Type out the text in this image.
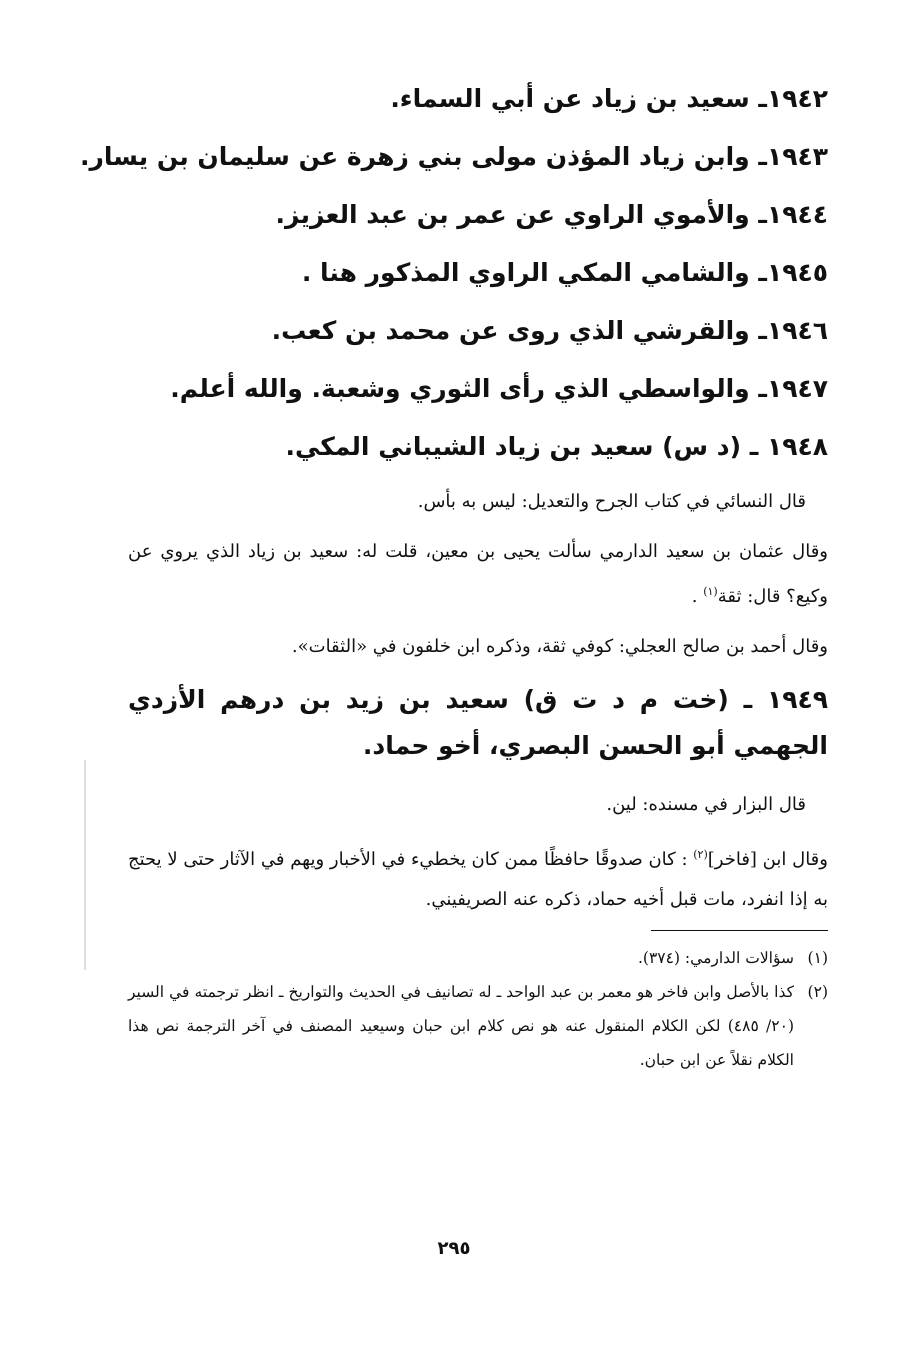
١٩٤٢ـ سعيد بن زياد عن أبي السماء.
١٩٤٣ـ وابن زياد المؤذن مولى بني زهرة عن سليمان بن يسار.
١٩٤٤ـ والأموي الراوي عن عمر بن عبد العزيز.
١٩٤٥ـ والشامي المكي الراوي المذكور هنا .
١٩٤٦ـ والقرشي الذي روى عن محمد بن كعب.
١٩٤٧ـ والواسطي الذي رأى الثوري وشعبة. والله أعلم.
١٩٤٨ ـ (د س) سعيد بن زياد الشيباني المكي.

قال النسائي في كتاب الجرح والتعديل: ليس به بأس.

وقال عثمان بن سعيد الدارمي سألت يحيى بن معين، قلت له: سعيد بن زياد الذي يروي عن وكيع؟ قال: ثقة$^{(١)}$ .

وقال أحمد بن صالح العجلي: كوفي ثقة، وذكره ابن خلفون في «الثقات».

١٩٤٩ ـ (خت م د ت ق) سعيد بن زيد بن درهم الأزدي الجهمي أبو الحسن البصري، أخو حماد.

قال البزار في مسنده: لين.

وقال ابن [فاخر]$^{(٢)}$ : كان صدوقًا حافظًا ممن كان يخطيء في الأخبار ويهم في الآثار حتى لا يحتج به إذا انفرد، مات قبل أخيه حماد، ذكره عنه الصريفيني.

(١)
سؤالات الدارمي: (٣٧٤).
(٢)
كذا بالأصل وابن فاخر هو معمر بن عبد الواحد ـ له تصانيف في الحديث والتواريخ ـ انظر ترجمته في السير (٢٠/ ٤٨٥) لكن الكلام المنقول عنه هو نص كلام ابن حبان وسيعيد المصنف في آخر الترجمة نص هذا الكلام نقلاً عن ابن حبان.
٢٩٥
